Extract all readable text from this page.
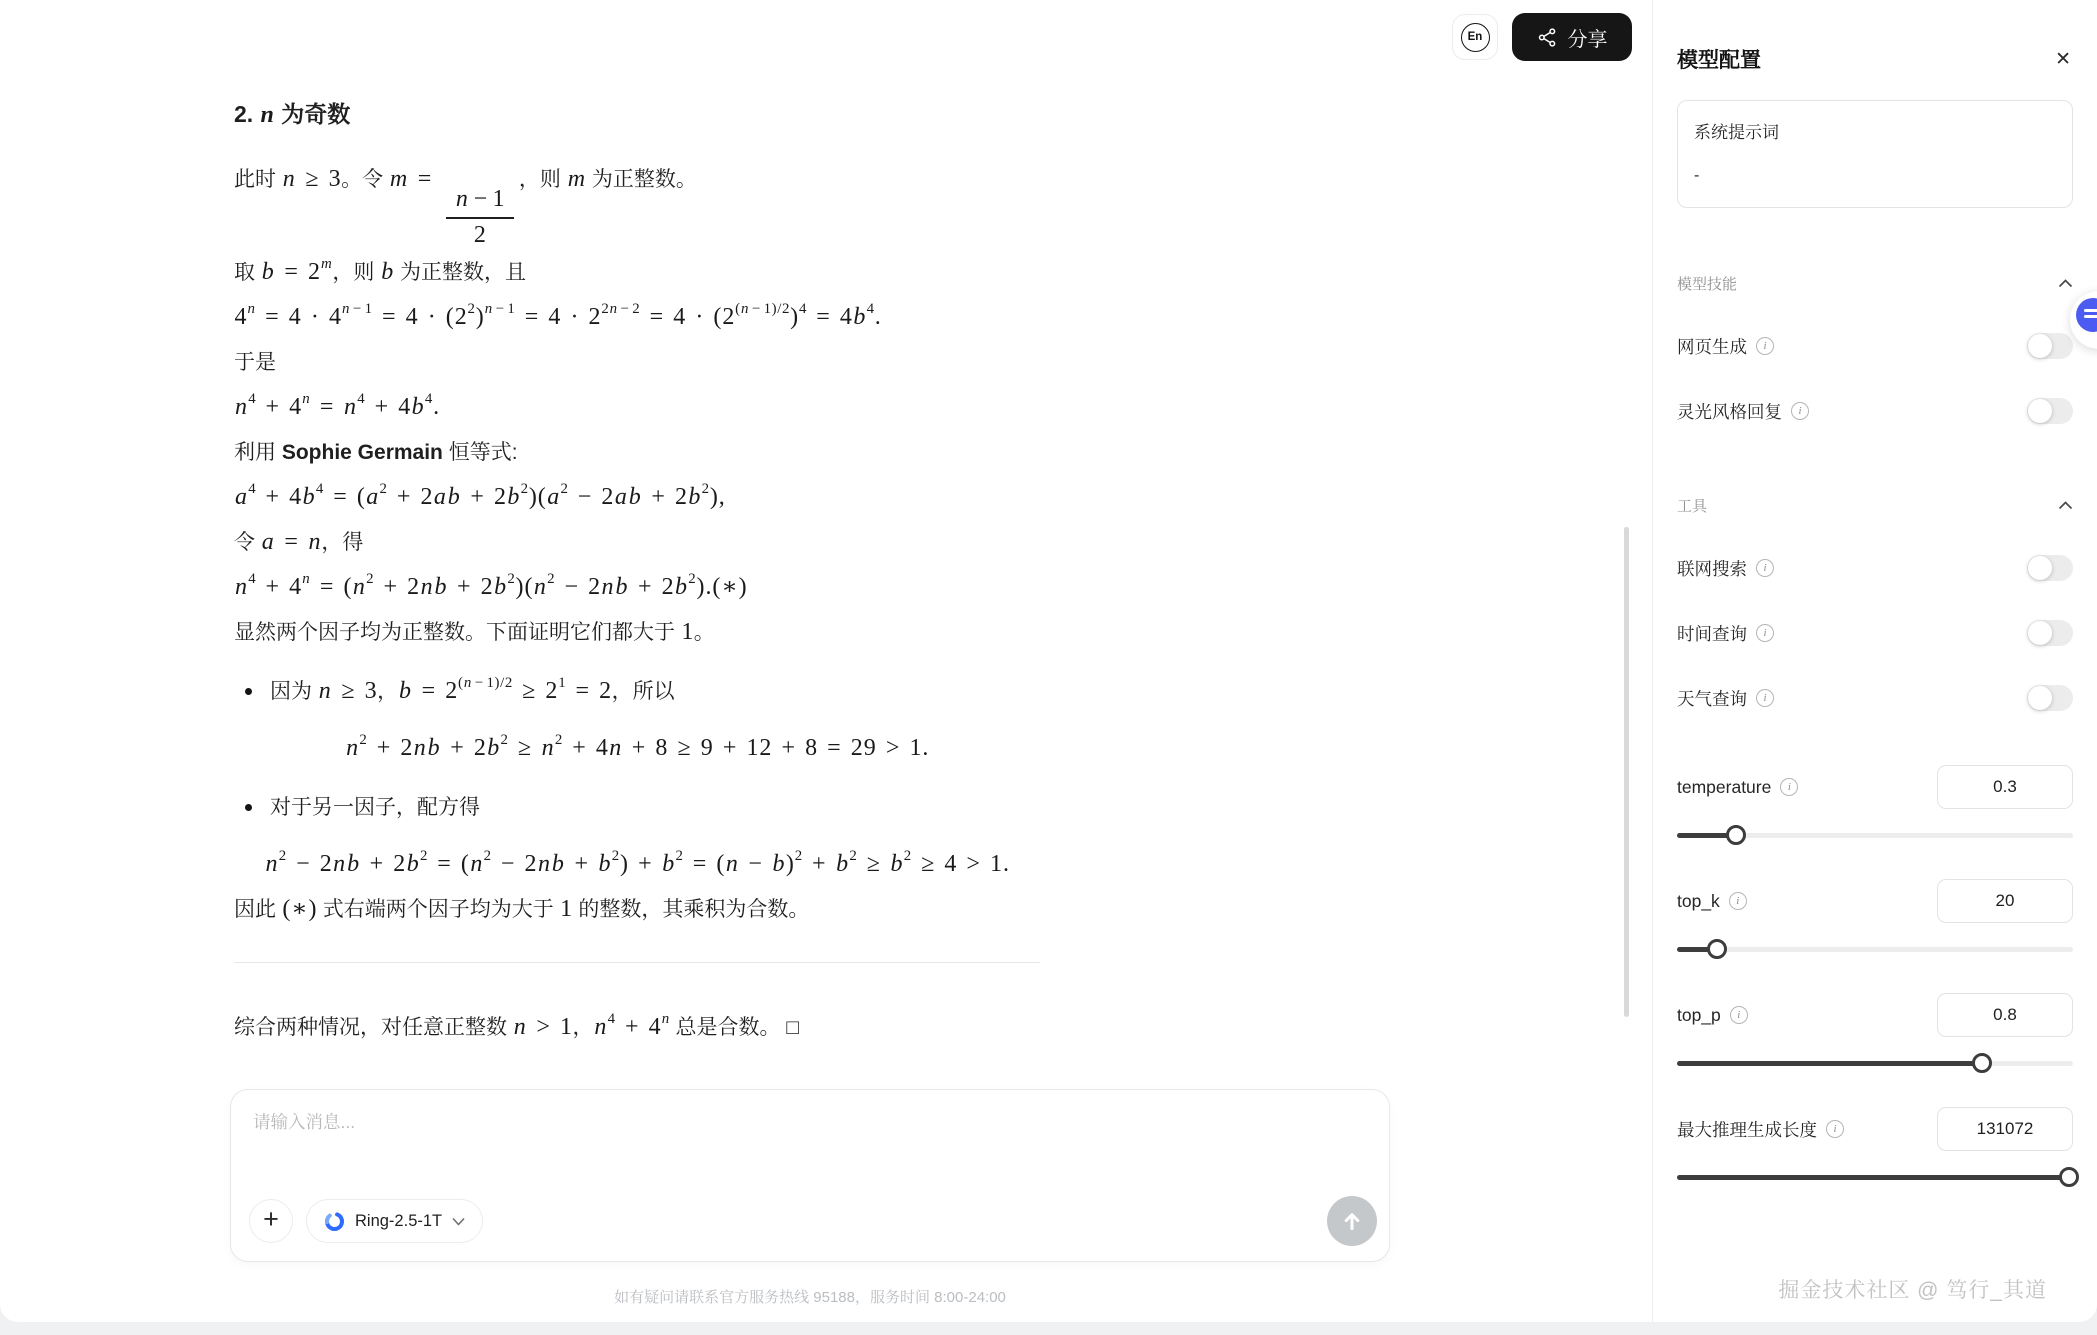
En	分享
2. n 为奇数
此时 n  ≥  3。令 m  = 
$\frac{n - 1}{2}$
，则 m 为正整数。
取 b  =  2$^m$，则 b 为正整数，且
$4^n = 4 \cdot 4^{n - 1} = 4 \cdot (2^2)^{n - 1} = 4 \cdot 2^{2n - 2} = 4 \cdot (2^{(n - 1)/2})^4 = 4b^4$.
于是
$n^4 + 4^n = n^4 + 4b^4$.
利用 Sophie Germain 恒等式:
$a^4 + 4b^4 = (a^2 + 2ab + 2b^2)(a^2 - 2ab + 2b^2)$,
令 a  =  n，得
$n^4 + 4^n = (n^2 + 2nb + 2b^2)(n^2 - 2nb$  +  $2b^2).(∗)$
显然两个因子均为正整数。下面证明它们都大于 1。
因为 n  ≥  3，$b = 2^{(n - 1)/2} \ge 2^1 = 2$，所以
$n^2 + 2nb + 2b^2 \ge n^2 + 4n + 8 \ge 9 + 12 + 8 = 29 > 1$.
对于另一因子，配方得
$n^2 - 2nb + 2b^2 = (n^2 - 2nb + b^2) + b^2 = (n - b)^2 + b^2 \ge b^2 \ge 4 > 1$.
因此 (∗) 式右端两个因子均为大于 1 的整数，其乘积为合数。
综合两种情况，对任意正整数 n  >  1，$n^4 + 4^n$ 总是合数。 □
请输入消息...
+	Ring-2.5-1T
如有疑问请联系官方服务热线 95188，服务时间 8:00-24:00
模型配置	✕
系统提示词
-
模型技能
网页生成	i
灵光风格回复	i
工具
联网搜索	i
时间查询	i
天气查询	i
temperature	i	0.3
top_k	i	20
top_p	i	0.8
最大推理生成长度	i	131072
掘金技术社区 @ 笃行_其道
